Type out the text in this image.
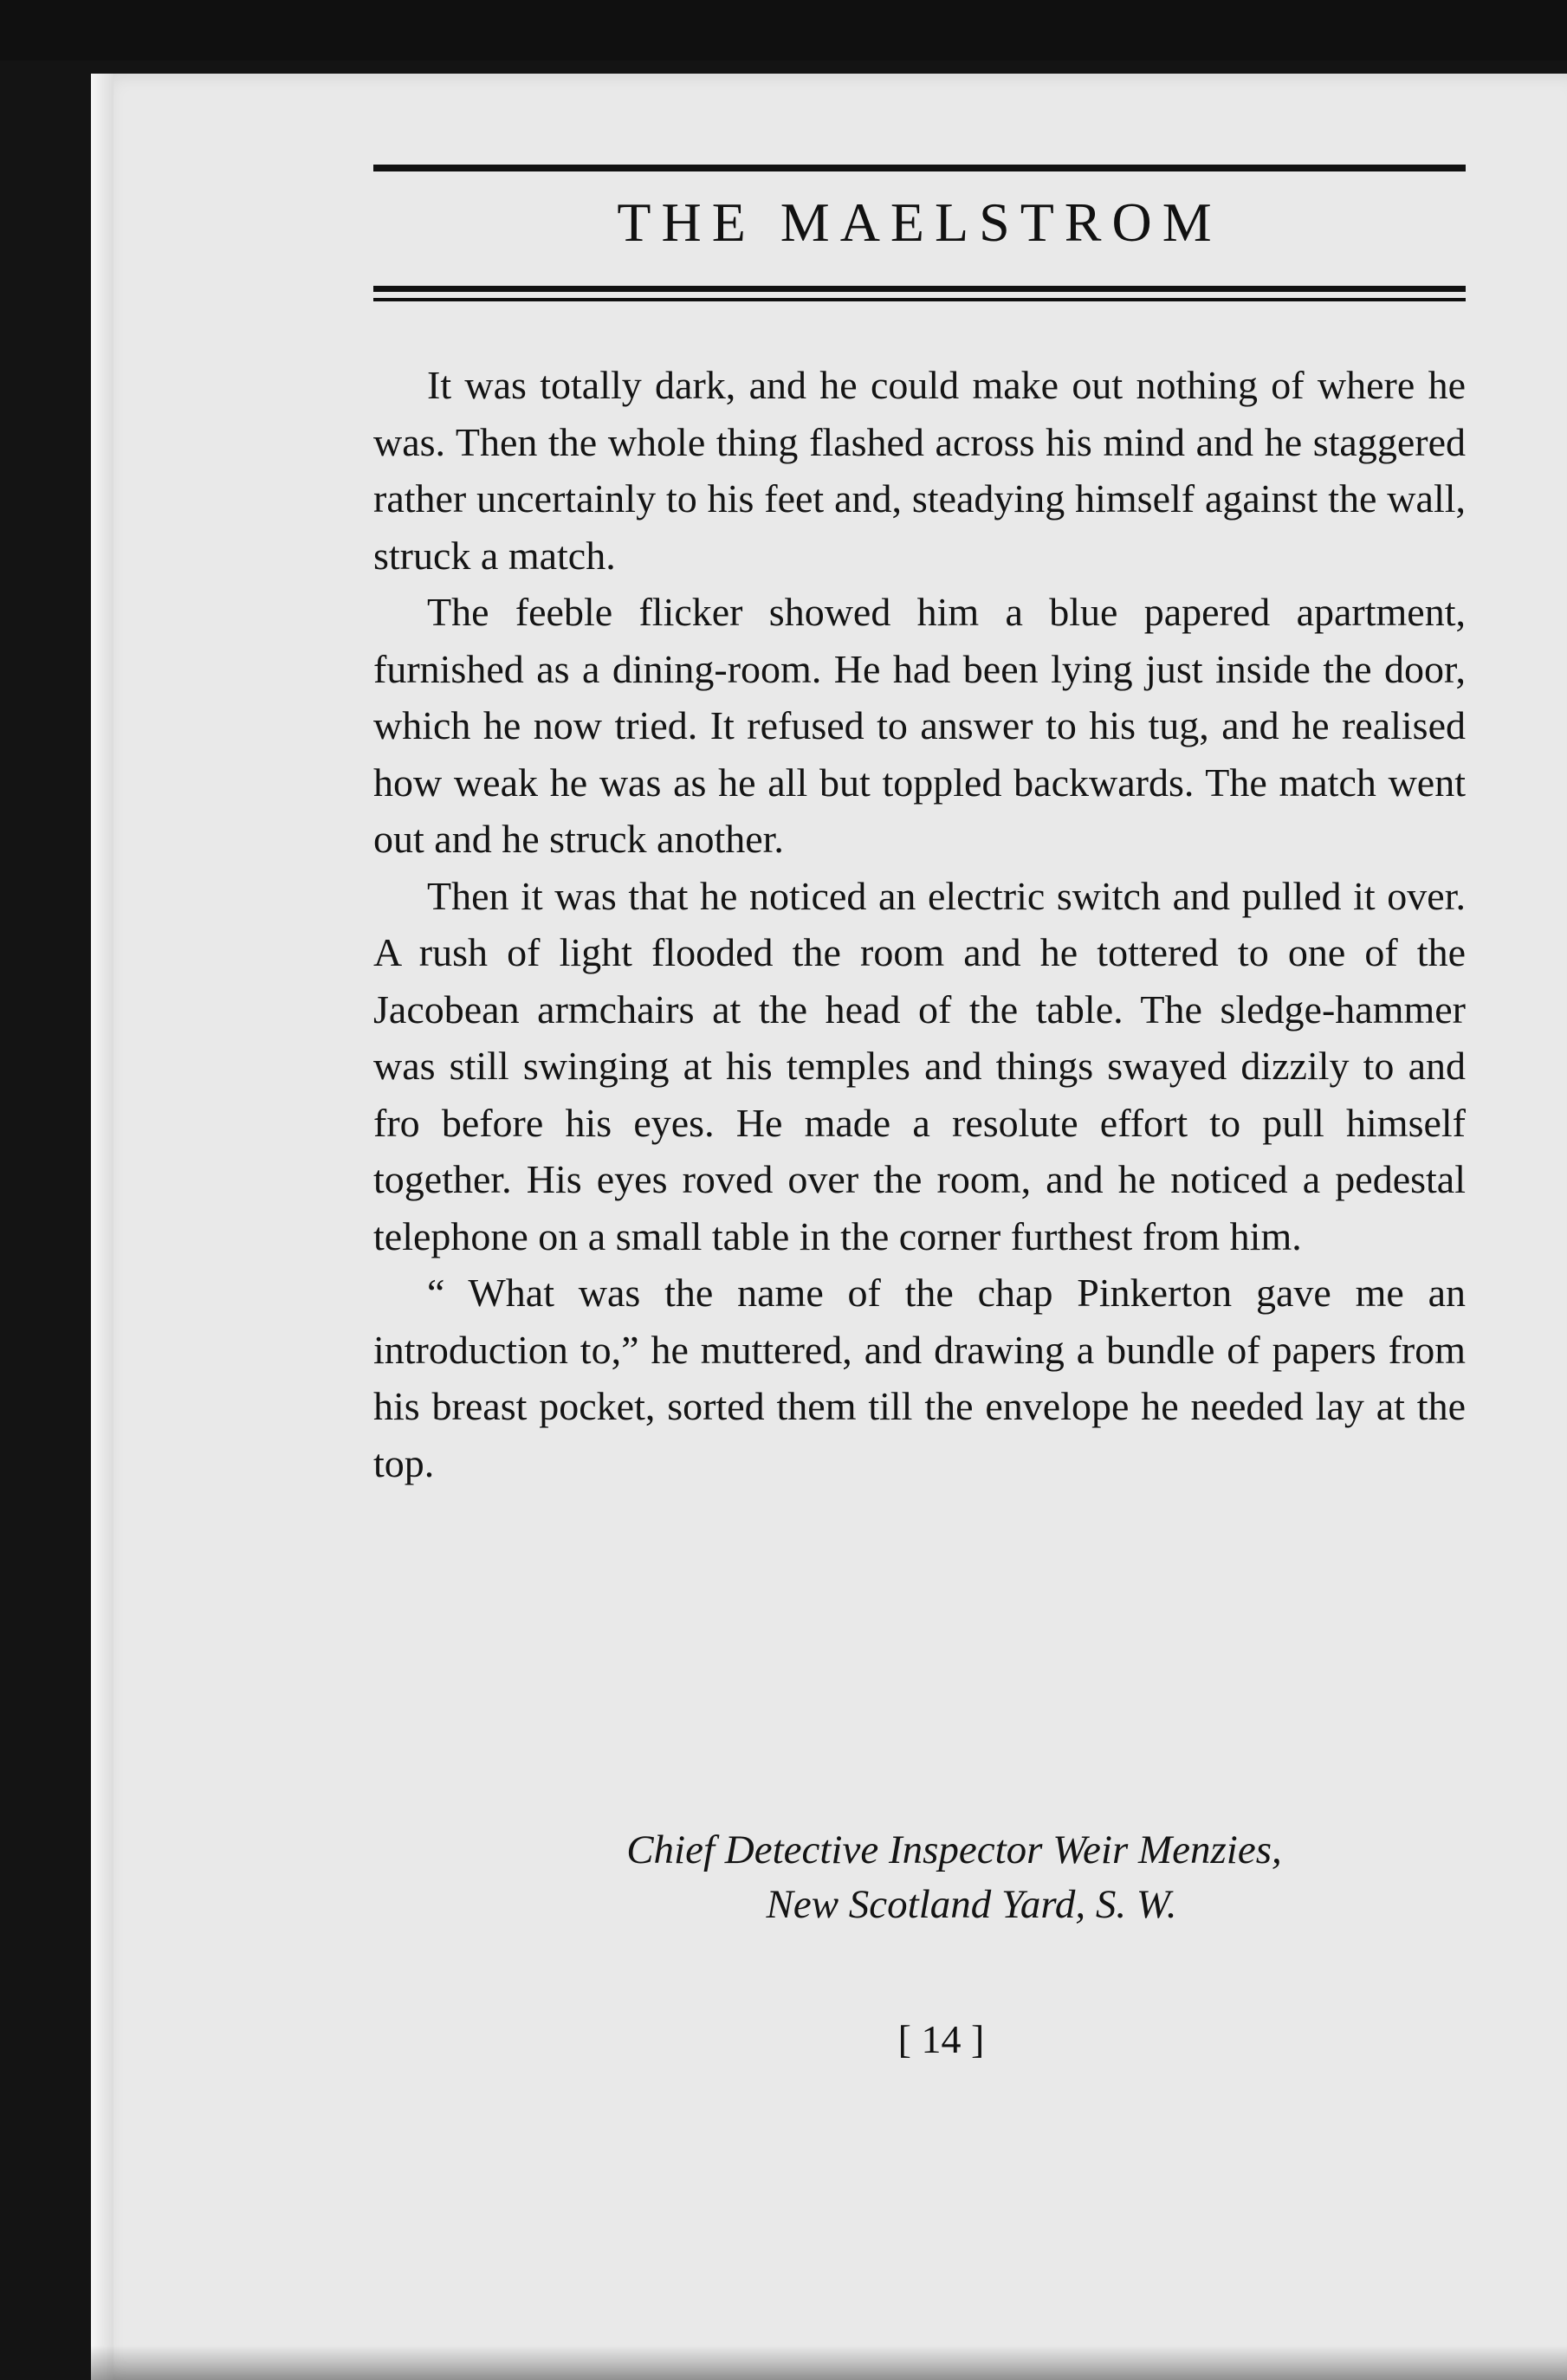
THE MAELSTROM

It was totally dark, and he could make out nothing of where he was. Then the whole thing flashed across his mind and he staggered rather uncertainly to his feet and, steadying himself against the wall, struck a match.

The feeble flicker showed him a blue papered apartment, furnished as a dining-room. He had been lying just inside the door, which he now tried. It refused to answer to his tug, and he realised how weak he was as he all but toppled backwards. The match went out and he struck another.

Then it was that he noticed an electric switch and pulled it over. A rush of light flooded the room and he tottered to one of the Jacobean armchairs at the head of the table. The sledge-hammer was still swinging at his temples and things swayed dizzily to and fro before his eyes. He made a resolute effort to pull himself together. His eyes roved over the room, and he noticed a pedestal telephone on a small table in the corner furthest from him.

“ What was the name of the chap Pinkerton gave me an introduction to,” he muttered, and drawing a bundle of papers from his breast pocket, sorted them till the envelope he needed lay at the top.

Chief Detective Inspector Weir Menzies,
New Scotland Yard, S. W.
[ 14 ]
